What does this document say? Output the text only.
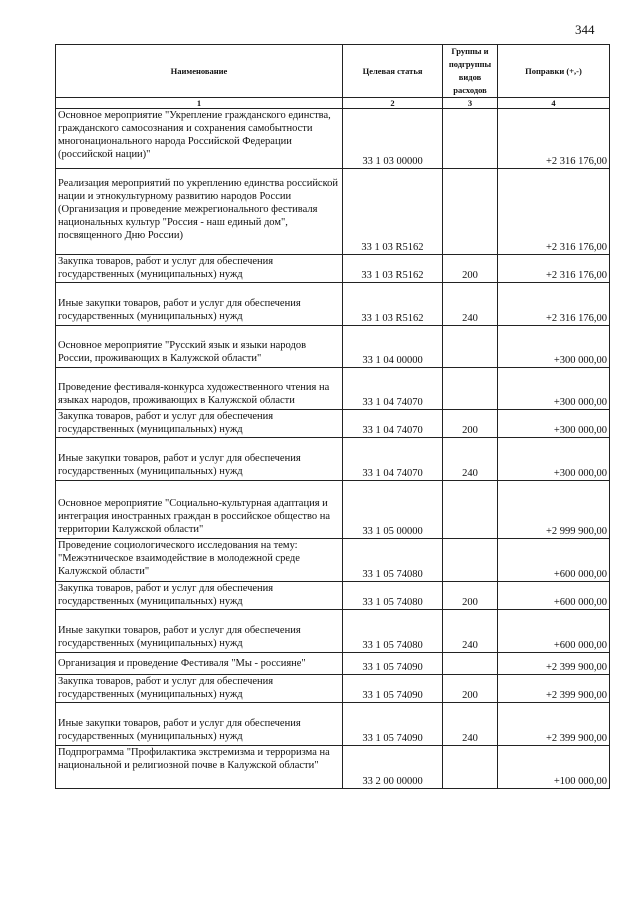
344
Наименование	Целевая статья	Группы и подгруппы видов расходов	Поправки (+,-)
1	2	3	4
Основное мероприятие "Укрепление гражданского единства, гражданского самосознания и сохранения самобытности многонационального народа Российской Федерации (российской нации)"	33 1 03 00000		+2 316 176,00
Реализация мероприятий по укреплению единства российской нации и этнокультурному развитию народов России (Организация и проведение межрегионального фестиваля национальных культур "Россия - наш единый дом", посвященного Дню России)	33 1 03 R5162		+2 316 176,00
Закупка товаров, работ и услуг для обеспечения государственных (муниципальных) нужд	33 1 03 R5162	200	+2 316 176,00
Иные закупки товаров, работ и услуг для обеспечения государственных (муниципальных) нужд	33 1 03 R5162	240	+2 316 176,00
Основное мероприятие "Русский язык и языки народов России, проживающих в Калужской области"	33 1 04 00000		+300 000,00
Проведение фестиваля-конкурса художественного чтения на языках народов, проживающих в Калужской области	33 1 04 74070		+300 000,00
Закупка товаров, работ и услуг для обеспечения государственных (муниципальных) нужд	33 1 04 74070	200	+300 000,00
Иные закупки товаров, работ и услуг для обеспечения государственных (муниципальных) нужд	33 1 04 74070	240	+300 000,00
Основное мероприятие "Социально-культурная адаптация и интеграция иностранных граждан в российское общество на территории Калужской области"	33 1 05 00000		+2 999 900,00
Проведение социологического исследования на тему: "Межэтническое взаимодействие в молодежной среде Калужской области"	33 1 05 74080		+600 000,00
Закупка товаров, работ и услуг для обеспечения государственных (муниципальных) нужд	33 1 05 74080	200	+600 000,00
Иные закупки товаров, работ и услуг для обеспечения государственных (муниципальных) нужд	33 1 05 74080	240	+600 000,00
Организация и проведение Фестиваля "Мы - россияне"	33 1 05 74090		+2 399 900,00
Закупка товаров, работ и услуг для обеспечения государственных (муниципальных) нужд	33 1 05 74090	200	+2 399 900,00
Иные закупки товаров, работ и услуг для обеспечения государственных (муниципальных) нужд	33 1 05 74090	240	+2 399 900,00
Подпрограмма "Профилактика экстремизма и терроризма на национальной и религиозной почве в Калужской области"	33 2 00 00000		+100 000,00
